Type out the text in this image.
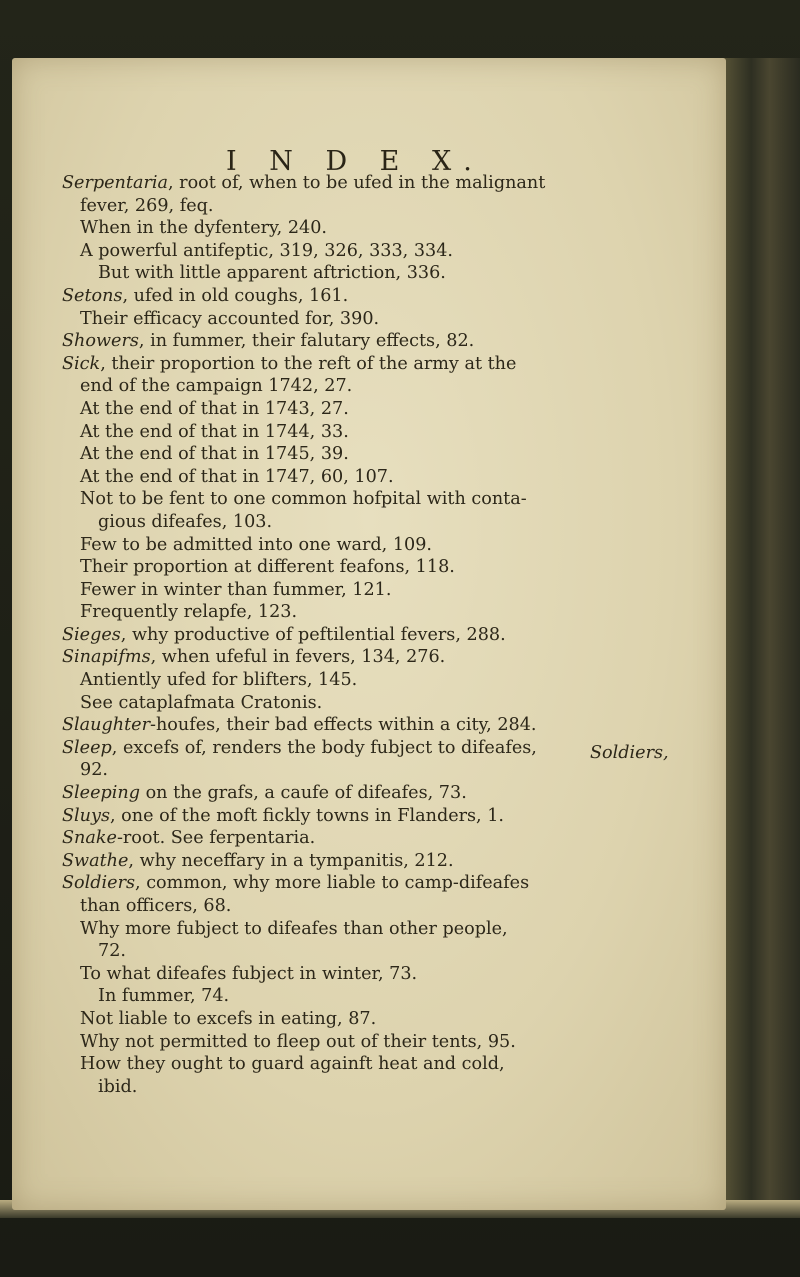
I N D E X.
Serpentaria, root of, when to be ufed in the malignant
fever, 269, feq.
When in the dyfentery, 240.
A powerful antifeptic, 319, 326, 333, 334.
But with little apparent aftriction, 336.
Setons, ufed in old coughs, 161.
Their efficacy accounted for, 390.
Showers, in fummer, their falutary effects, 82.
Sick, their proportion to the reft of the army at the
end of the campaign 1742, 27.
At the end of that in 1743, 27.
At the end of that in 1744, 33.
At the end of that in 1745, 39.
At the end of that in 1747, 60, 107.
Not to be fent to one common hofpital with conta-
gious difeafes, 103.
Few to be admitted into one ward, 109.
Their proportion at different feafons, 118.
Fewer in winter than fummer, 121.
Frequently relapfe, 123.
Sieges, why productive of peftilential fevers, 288.
Sinapifms, when ufeful in fevers, 134, 276.
Antiently ufed for blifters, 145.
See cataplafmata Cratonis.
Slaughter-houfes, their bad effects within a city, 284.
Sleep, excefs of, renders the body fubject to difeafes,
92.
Sleeping on the grafs, a caufe of difeafes, 73.
Sluys, one of the moft fickly towns in Flanders, 1.
Snake-root. See ferpentaria.
Swathe, why neceffary in a tympanitis, 212.
Soldiers, common, why more liable to camp-difeafes
than officers, 68.
Why more fubject to difeafes than other people,
72.
To what difeafes fubject in winter, 73.
In fummer, 74.
Not liable to excefs in eating, 87.
Why not permitted to fleep out of their tents, 95.
How they ought to guard againft heat and cold,
ibid.

Soldiers,
